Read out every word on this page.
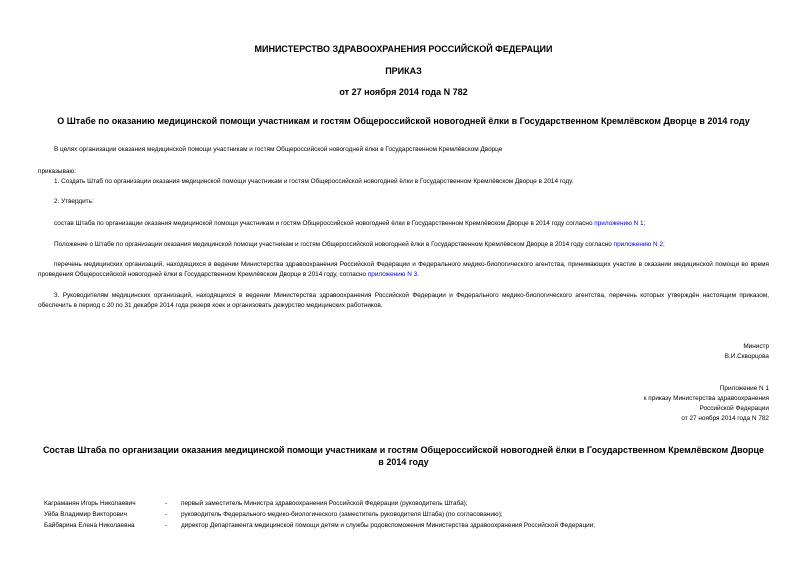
МИНИСТЕРСТВО ЗДРАВООХРАНЕНИЯ РОССИЙСКОЙ ФЕДЕРАЦИИ
ПРИКАЗ
от 27 ноября 2014 года N 782
О Штабе по оказанию медицинской помощи участникам и гостям Общероссийской новогодней ёлки в Государственном Кремлёвском Дворце в 2014 году
В целях организации оказания медицинской помощи участникам и гостям Общероссийской новогодней ёлки в Государственном Кремлёвском Дворце
приказываю:
1. Создать Штаб по организации оказания медицинской помощи участникам и гостям Общероссийской новогодней ёлки в Государственном Кремлёвском Дворце в 2014 году.
2. Утвердить:
состав Штаба по организации оказания медицинской помощи участникам и гостям Общероссийской новогодней ёлки в Государственном Кремлёвском Дворце в 2014 году согласно приложению N 1;
Положение о Штабе по организации оказания медицинской помощи участникам и гостям Общероссийской новогодней ёлки в Государственном Кремлёвском Дворце в 2014 году согласно приложению N 2;
перечень медицинских организаций, находящихся в ведении Министерства здравоохранения Российской Федерации и Федерального медико-биологического агентства, принимающих участие в оказании медицинской помощи во время проведения Общероссийской новогодней ёлки в Государственном Кремлёвском Дворце в 2014 году, согласно приложению N 3.
3. Руководителям медицинских организаций, находящихся в ведении Министерства здравоохранения Российской Федерации и Федерального медико-биологического агентства, перечень которых утверждён настоящим приказом, обеспечить в период с 20 по 31 декабря 2014 года резерв коек и организовать дежурство медицинских работников.
Министр
В.И.Скворцова
Приложение N 1
к приказу Министерства здравоохранения
Российской Федерации
от 27 ноября 2014 года N 782
Состав Штаба по организации оказания медицинской помощи участникам и гостям Общероссийской новогодней ёлки в Государственном Кремлёвском Дворце в 2014 году
Каграманян Игорь Николаевич	- первый заместитель Министра здравоохранения Российской Федерации (руководитель Штаба);
Уйба Владимир Викторович	- руководитель Федерального медико-биологического (заместитель руководителя Штаба) (по согласованию);
Байбарина Елена Николаевна	- директор Департамента медицинской помощи детям и службы родовспоможения Министерства здравоохранения Российской Федерации;
